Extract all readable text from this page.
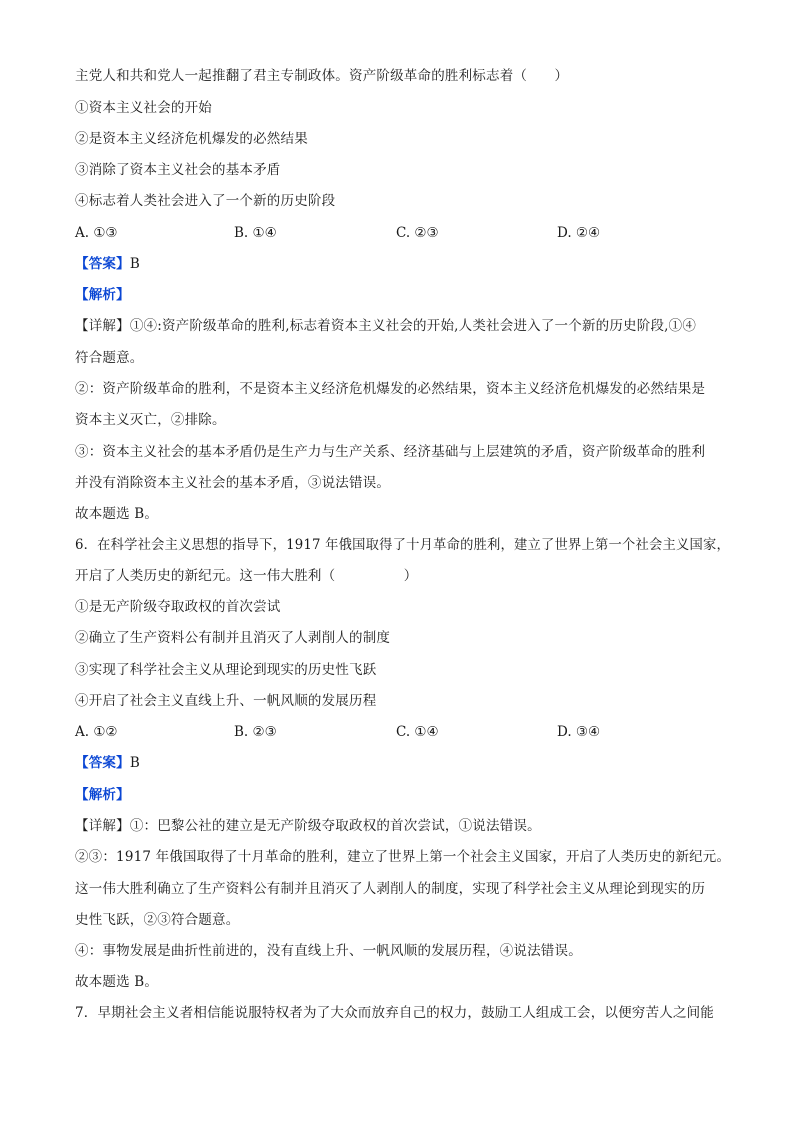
主党人和共和党人一起推翻了君主专制政体。资产阶级革命的胜利标志着（　　）
①资本主义社会的开始
②是资本主义经济危机爆发的必然结果
③消除了资本主义社会的基本矛盾
④标志着人类社会进入了一个新的历史阶段
A. ①③	B. ①④	C. ②③	D. ②④
【答案】B
【解析】
【详解】①④:资产阶级革命的胜利,标志着资本主义社会的开始,人类社会进入了一个新的历史阶段,①④
符合题意。
②：资产阶级革命的胜利，不是资本主义经济危机爆发的必然结果，资本主义经济危机爆发的必然结果是
资本主义灭亡，②排除。
③：资本主义社会的基本矛盾仍是生产力与生产关系、经济基础与上层建筑的矛盾，资产阶级革命的胜利
并没有消除资本主义社会的基本矛盾，③说法错误。
故本题选 B。
6．在科学社会主义思想的指导下，1917 年俄国取得了十月革命的胜利，建立了世界上第一个社会主义国家，
开启了人类历史的新纪元。这一伟大胜利（　　　　　）
①是无产阶级夺取政权的首次尝试
②确立了生产资料公有制并且消灭了人剥削人的制度
③实现了科学社会主义从理论到现实的历史性飞跃
④开启了社会主义直线上升、一帆风顺的发展历程
A. ①②	B. ②③	C. ①④	D. ③④
【答案】B
【解析】
【详解】①：巴黎公社的建立是无产阶级夺取政权的首次尝试，①说法错误。
②③：1917 年俄国取得了十月革命的胜利，建立了世界上第一个社会主义国家，开启了人类历史的新纪元。
这一伟大胜利确立了生产资料公有制并且消灭了人剥削人的制度，实现了科学社会主义从理论到现实的历
史性飞跃，②③符合题意。
④：事物发展是曲折性前进的，没有直线上升、一帆风顺的发展历程，④说法错误。
故本题选 B。
7．早期社会主义者相信能说服特权者为了大众而放弃自己的权力，鼓励工人组成工会，以便穷苦人之间能
